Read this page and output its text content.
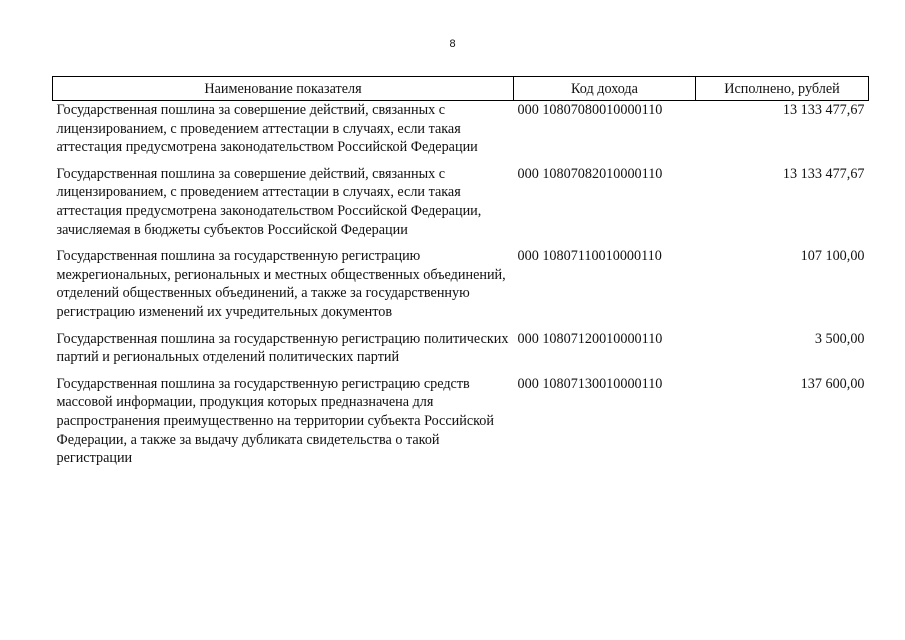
8
Наименование показателя	Код дохода	Исполнено, рублей
Государственная пошлина за совершение действий, связанных с лицензированием, с проведением аттестации в случаях, если такая аттестация предусмотрена законодательством Российской Федерации	000 10807080010000110	13 133 477,67
Государственная пошлина за совершение действий, связанных с лицензированием, с проведением аттестации в случаях, если такая аттестация предусмотрена законодательством Российской Федерации, зачисляемая в бюджеты субъектов Российской Федерации	000 10807082010000110	13 133 477,67
Государственная пошлина за государственную регистрацию межрегиональных, региональных и местных общественных объединений, отделений общественных объединений, а также за государственную регистрацию изменений их учредительных документов	000 10807110010000110	107 100,00
Государственная пошлина за государственную регистрацию политических партий и региональных отделений политических партий	000 10807120010000110	3 500,00
Государственная пошлина за государственную регистрацию средств массовой информации, продукция которых предназначена для распространения преимущественно на территории субъекта Российской Федерации, а также за выдачу дубликата свидетельства о такой регистрации	000 10807130010000110	137 600,00
